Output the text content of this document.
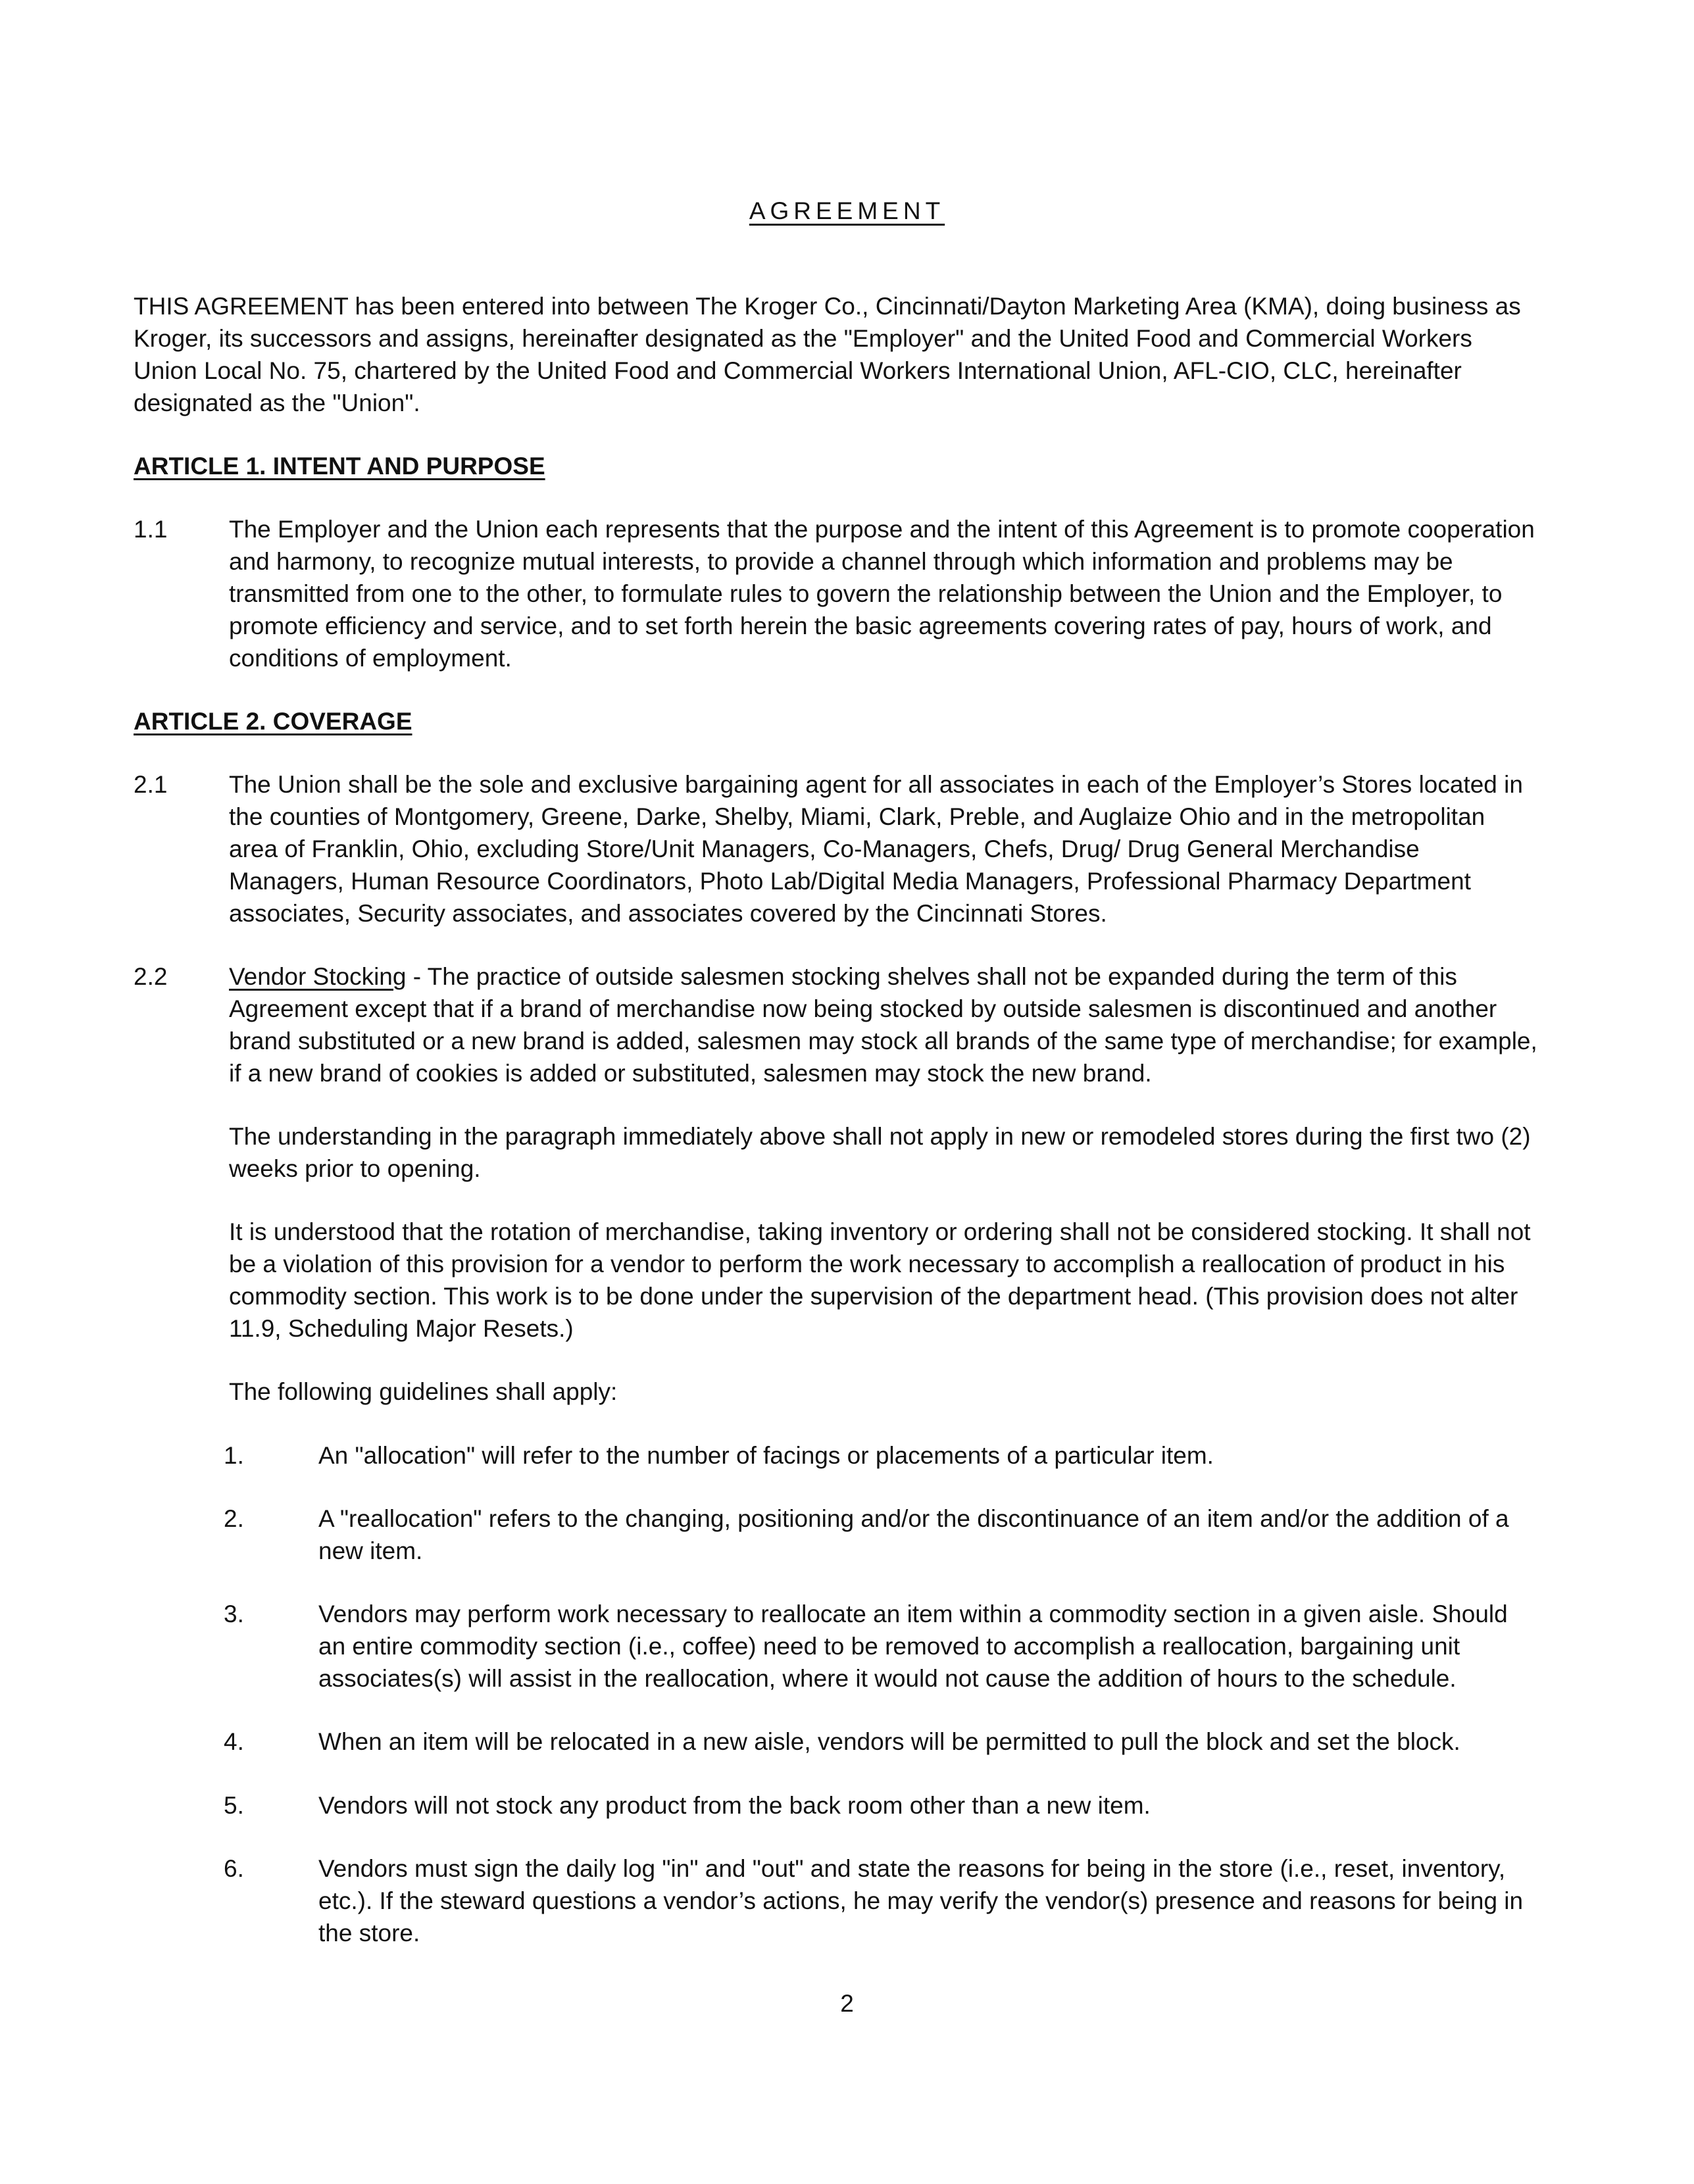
AGREEMENT

THIS AGREEMENT has been entered into between The Kroger Co., Cincinnati/Dayton Marketing Area (KMA), doing business as Kroger, its successors and assigns, hereinafter designated as the "Employer" and the United Food and Commercial Workers Union Local No. 75, chartered by the United Food and Commercial Workers International Union, AFL-CIO, CLC, hereinafter designated as the "Union".

ARTICLE 1. INTENT AND PURPOSE
1.1	The Employer and the Union each represents that the purpose and the intent of this Agreement is to promote cooperation and harmony, to recognize mutual interests, to provide a channel through which information and problems may be transmitted from one to the other, to formulate rules to govern the relationship between the Union and the Employer, to promote efficiency and service, and to set forth herein the basic agreements covering rates of pay, hours of work, and conditions of employment.

ARTICLE 2. COVERAGE
2.1	The Union shall be the sole and exclusive bargaining agent for all associates in each of the Employer’s Stores located in the counties of Montgomery, Greene, Darke, Shelby, Miami, Clark, Preble, and Auglaize Ohio and in the metropolitan area of Franklin, Ohio, excluding Store/Unit Managers, Co-Managers, Chefs, Drug/ Drug General Merchandise Managers, Human Resource Coordinators, Photo Lab/Digital Media Managers, Professional Pharmacy Department associates, Security associates, and associates covered by the Cincinnati Stores.

2.2	Vendor Stocking - The practice of outside salesmen stocking shelves shall not be expanded during the term of this Agreement except that if a brand of merchandise now being stocked by outside salesmen is discontinued and another brand substituted or a new brand is added, salesmen may stock all brands of the same type of merchandise; for example, if a new brand of cookies is added or substituted, salesmen may stock the new brand.

The understanding in the paragraph immediately above shall not apply in new or remodeled stores during the first two (2) weeks prior to opening.

It is understood that the rotation of merchandise, taking inventory or ordering shall not be considered stocking. It shall not be a violation of this provision for a vendor to perform the work necessary to accomplish a reallocation of product in his commodity section. This work is to be done under the supervision of the department head. (This provision does not alter 11.9, Scheduling Major Resets.)

The following guidelines shall apply:

1.	An "allocation" will refer to the number of facings or placements of a particular item.

2.	A "reallocation" refers to the changing, positioning and/or the discontinuance of an item and/or the addition of a new item.

3.	Vendors may perform work necessary to reallocate an item within a commodity section in a given aisle. Should an entire commodity section (i.e., coffee) need to be removed to accomplish a reallocation, bargaining unit associates(s) will assist in the reallocation, where it would not cause the addition of hours to the schedule.

4.	When an item will be relocated in a new aisle, vendors will be permitted to pull the block and set the block.

5.	Vendors will not stock any product from the back room other than a new item.

6.	Vendors must sign the daily log "in" and "out" and state the reasons for being in the store (i.e., reset, inventory, etc.). If the steward questions a vendor’s actions, he may verify the vendor(s) presence and reasons for being in the store.

2
